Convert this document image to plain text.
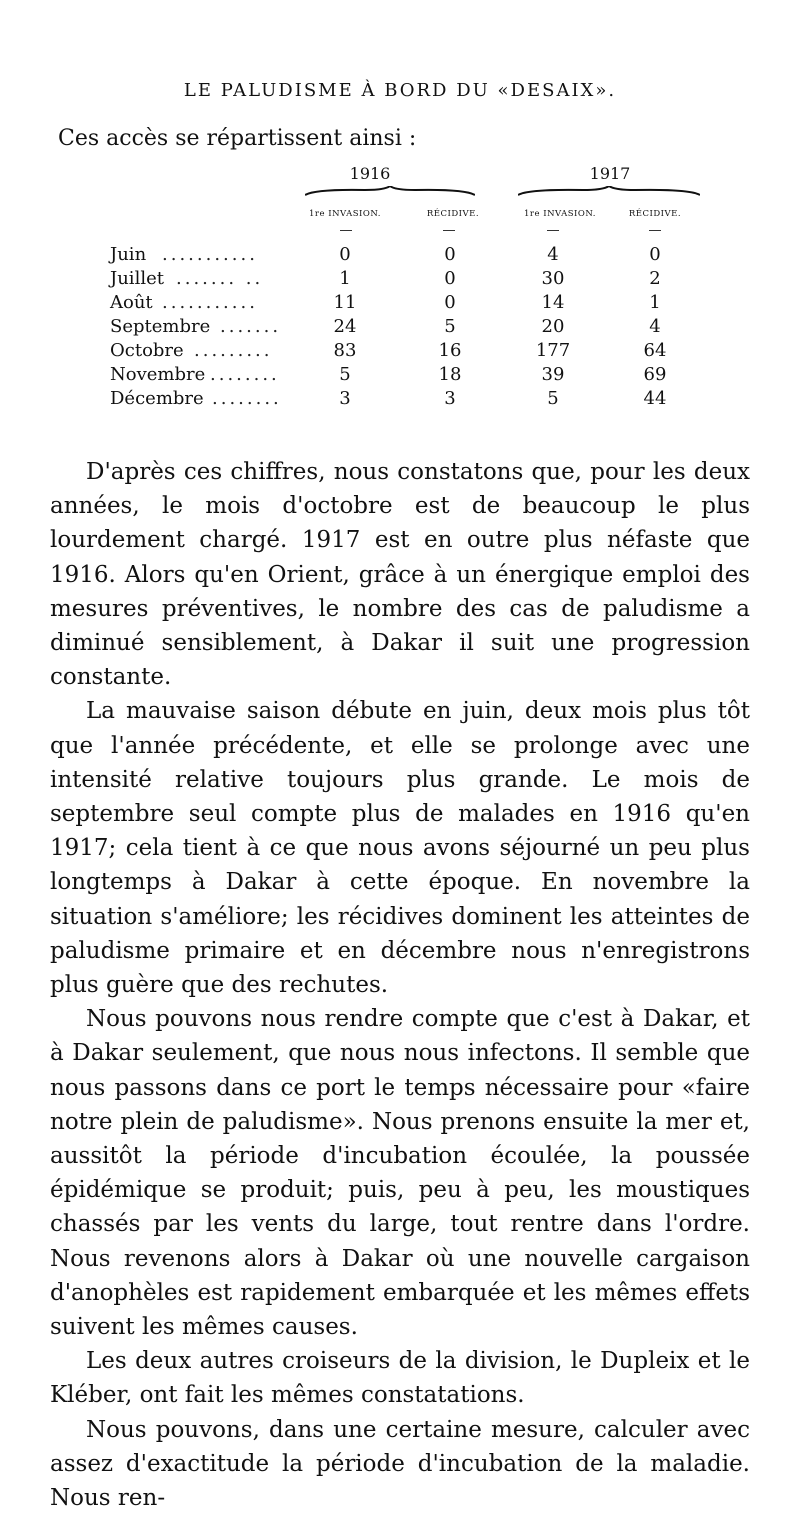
LE PALUDISME À BORD DU «DESAIX».
Ces accès se répartissent ainsi :
1916	1917
1re INVASION.	RÉCIDIVE.	1re INVASION.	RÉCIDIVE.
Juin ...........	0	0	4	0
Juillet ....... ..	1	0	30	2
Août ...........	11	0	14	1
Septembre .......	24	5	20	4
Octobre .........	83	16	177	64
Novembre ........	5	18	39	69
Décembre ........	3	3	5	44

D'après ces chiffres, nous constatons que, pour les deux années, le mois d'octobre est de beaucoup le plus lourdement chargé. 1917 est en outre plus néfaste que 1916. Alors qu'en Orient, grâce à un énergique emploi des mesures préventives, le nombre des cas de paludisme a diminué sensiblement, à Dakar il suit une progression constante.

La mauvaise saison débute en juin, deux mois plus tôt que l'année précédente, et elle se prolonge avec une intensité relative toujours plus grande. Le mois de septembre seul compte plus de malades en 1916 qu'en 1917; cela tient à ce que nous avons séjourné un peu plus longtemps à Dakar à cette époque. En novembre la situation s'améliore; les récidives dominent les atteintes de paludisme primaire et en décembre nous n'enregistrons plus guère que des rechutes.

Nous pouvons nous rendre compte que c'est à Dakar, et à Dakar seulement, que nous nous infectons. Il semble que nous passons dans ce port le temps nécessaire pour «faire notre plein de paludisme». Nous prenons ensuite la mer et, aussitôt la période d'incubation écoulée, la poussée épidémique se produit; puis, peu à peu, les moustiques chassés par les vents du large, tout rentre dans l'ordre. Nous revenons alors à Dakar où une nouvelle cargaison d'anophèles est rapidement embarquée et les mêmes effets suivent les mêmes causes.

Les deux autres croiseurs de la division, le Dupleix et le Kléber, ont fait les mêmes constatations.

Nous pouvons, dans une certaine mesure, calculer avec assez d'exactitude la période d'incubation de la maladie. Nous ren-
